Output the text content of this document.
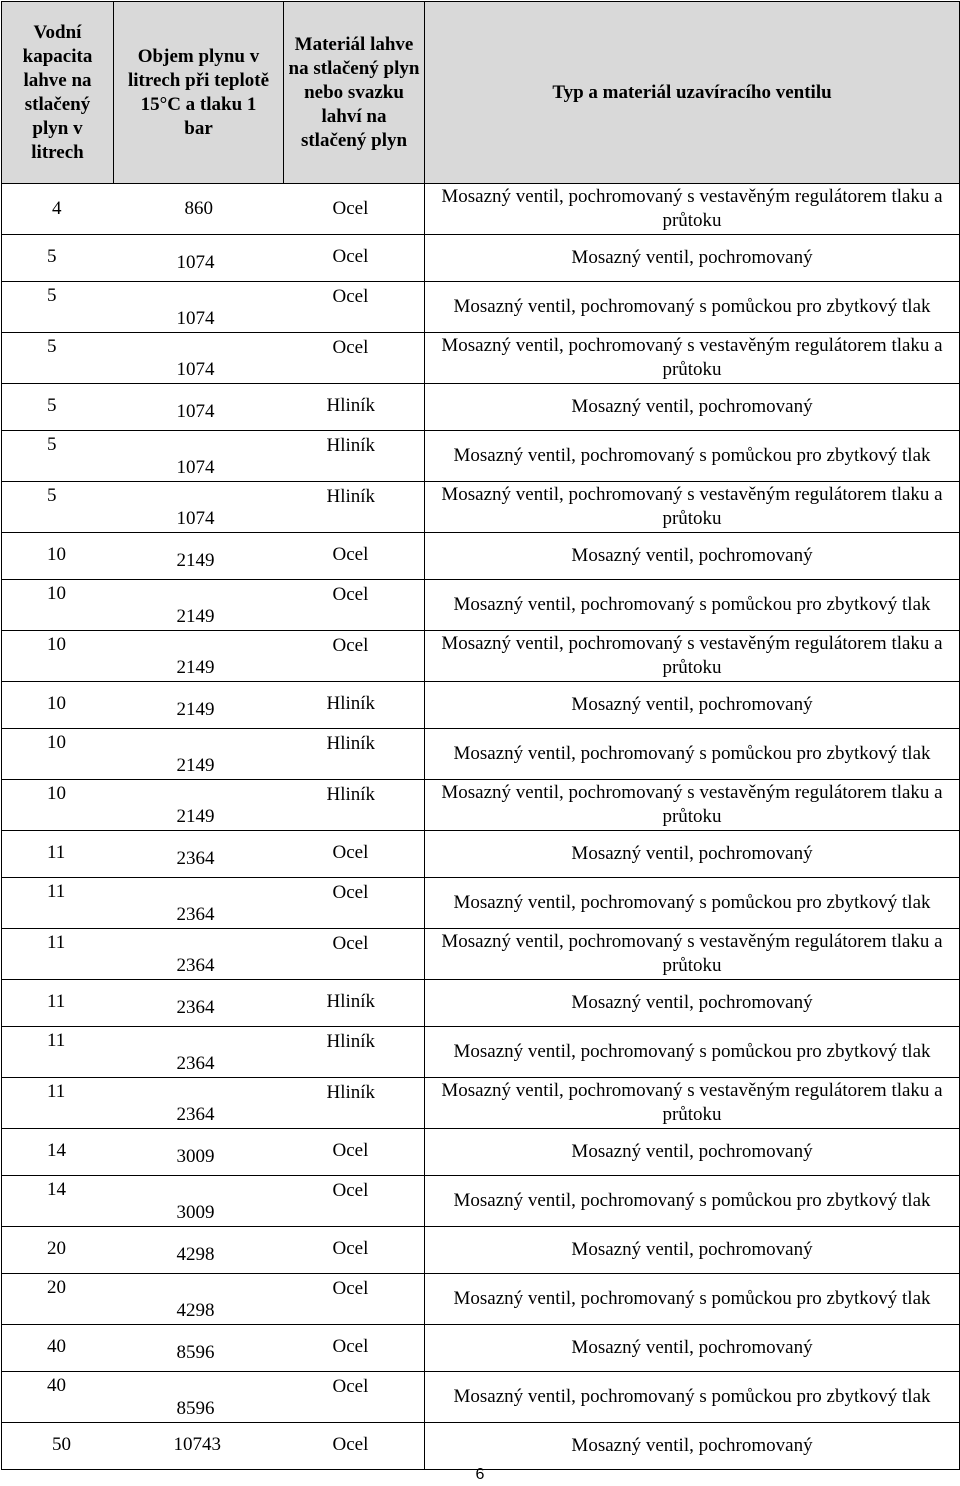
Vodní kapacita lahve na stlačený plyn v litrech	Objem plynu v litrech při teplotě 15°C a tlaku 1 bar	Materiál lahve na stlačený plyn nebo svazku lahví na stlačený plyn	Typ a materiál uzavíracího ventilu

4	860	Ocel	Mosazný ventil, pochromovaný s vestavěným regulátorem tlaku a průtoku

5	1074	Ocel	Mosazný ventil, pochromovaný

5	1074	Ocel	Mosazný ventil, pochromovaný s pomůckou pro zbytkový tlak

5	1074	Ocel	Mosazný ventil, pochromovaný s vestavěným regulátorem tlaku a průtoku

5	1074	Hliník	Mosazný ventil, pochromovaný

5	1074	Hliník	Mosazný ventil, pochromovaný s pomůckou pro zbytkový tlak

5	1074	Hliník	Mosazný ventil, pochromovaný s vestavěným regulátorem tlaku a průtoku

10	2149	Ocel	Mosazný ventil, pochromovaný

10	2149	Ocel	Mosazný ventil, pochromovaný s pomůckou pro zbytkový tlak

10	2149	Ocel	Mosazný ventil, pochromovaný s vestavěným regulátorem tlaku a průtoku

10	2149	Hliník	Mosazný ventil, pochromovaný

10	2149	Hliník	Mosazný ventil, pochromovaný s pomůckou pro zbytkový tlak

10	2149	Hliník	Mosazný ventil, pochromovaný s vestavěným regulátorem tlaku a průtoku

11	2364	Ocel	Mosazný ventil, pochromovaný

11	2364	Ocel	Mosazný ventil, pochromovaný s pomůckou pro zbytkový tlak

11	2364	Ocel	Mosazný ventil, pochromovaný s vestavěným regulátorem tlaku a průtoku

11	2364	Hliník	Mosazný ventil, pochromovaný

11	2364	Hliník	Mosazný ventil, pochromovaný s pomůckou pro zbytkový tlak

11	2364	Hliník	Mosazný ventil, pochromovaný s vestavěným regulátorem tlaku a průtoku

14	3009	Ocel	Mosazný ventil, pochromovaný

14	3009	Ocel	Mosazný ventil, pochromovaný s pomůckou pro zbytkový tlak

20	4298	Ocel	Mosazný ventil, pochromovaný

20	4298	Ocel	Mosazný ventil, pochromovaný s pomůckou pro zbytkový tlak

40	8596	Ocel	Mosazný ventil, pochromovaný

40	8596	Ocel	Mosazný ventil, pochromovaný s pomůckou pro zbytkový tlak

50	10743	Ocel	Mosazný ventil, pochromovaný
6
